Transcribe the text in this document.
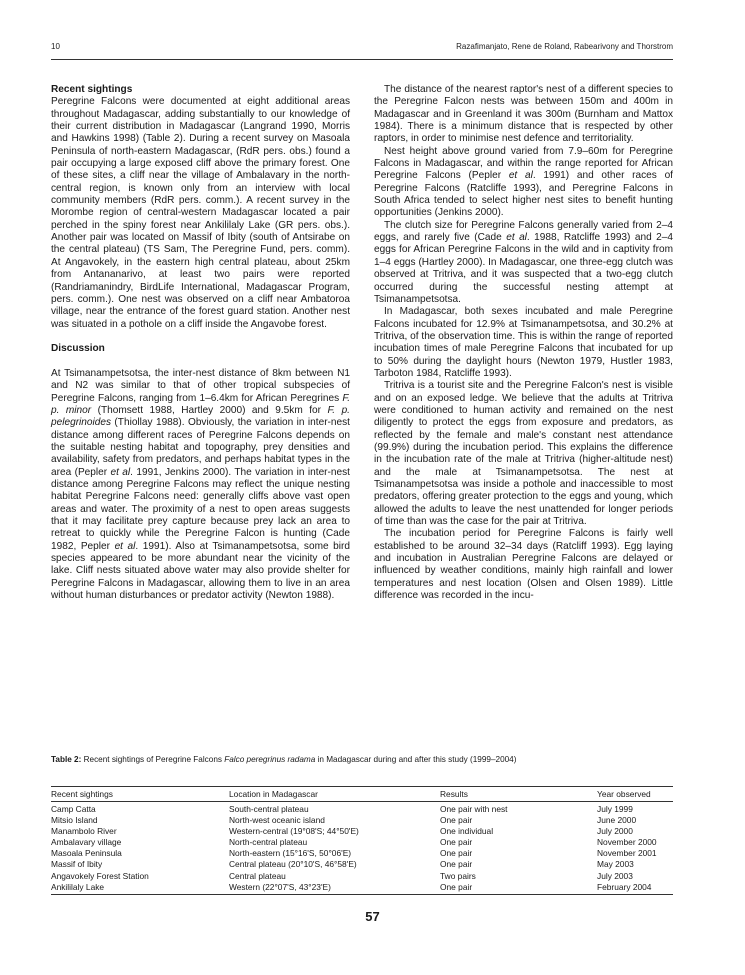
10	Razafimanjato, Rene de Roland, Rabearivony and Thorstrom
Recent sightings

Peregrine Falcons were documented at eight additional areas throughout Madagascar, adding substantially to our knowledge of their current distribution in Madagascar (Langrand 1990, Morris and Hawkins 1998) (Table 2). During a recent survey on Masoala Peninsula of north-eastern Madagascar, (RdR pers. obs.) found a pair occupying a large exposed cliff above the primary forest. One of these sites, a cliff near the village of Ambalavary in the north-central region, is known only from an interview with local community members (RdR pers. comm.). A recent survey in the Morombe region of central-western Madagascar located a pair perched in the spiny forest near Ankililaly Lake (GR pers. obs.). Another pair was located on Massif of Ibity (south of Antsirabe on the central plateau) (TS Sam, The Peregrine Fund, pers. comm). At Angavokely, in the eastern high central plateau, about 25km from Antananarivo, at least two pairs were reported (Randriamanindry, BirdLife International, Madagascar Program, pers. comm.). One nest was observed on a cliff near Ambatoroa village, near the entrance of the forest guard station. Another nest was situated in a pothole on a cliff inside the Angavobe forest.

Discussion

At Tsimanampetsotsa, the inter-nest distance of 8km between N1 and N2 was similar to that of other tropical subspecies of Peregrine Falcons, ranging from 1–6.4km for African Peregrines F. p. minor (Thomsett 1988, Hartley 2000) and 9.5km for F. p. pelegrinoides (Thiollay 1988). Obviously, the variation in inter-nest distance among different races of Peregrine Falcons depends on the suitable nesting habitat and topography, prey densities and availability, safety from predators, and perhaps habitat types in the area (Pepler et al. 1991, Jenkins 2000). The variation in inter-nest distance among Peregrine Falcons may reflect the unique nesting habitat Peregrine Falcons need: generally cliffs above vast open areas and water. The proximity of a nest to open areas suggests that it may facilitate prey capture because prey lack an area to retreat to quickly while the Peregrine Falcon is hunting (Cade 1982, Pepler et al. 1991). Also at Tsimanampetsotsa, some bird species appeared to be more abundant near the vicinity of the lake. Cliff nests situated above water may also provide shelter for Peregrine Falcons in Madagascar, allowing them to live in an area without human disturbances or predator activity (Newton 1988).

The distance of the nearest raptor's nest of a different species to the Peregrine Falcon nests was between 150m and 400m in Madagascar and in Greenland it was 300m (Burnham and Mattox 1984). There is a minimum distance that is respected by other raptors, in order to minimise nest defence and territoriality.

Nest height above ground varied from 7.9–60m for Peregrine Falcons in Madagascar, and within the range reported for African Peregrine Falcons (Pepler et al. 1991) and other races of Peregrine Falcons (Ratcliffe 1993), and Peregrine Falcons in South Africa tended to select higher nest sites to benefit hunting opportunities (Jenkins 2000).

The clutch size for Peregrine Falcons generally varied from 2–4 eggs, and rarely five (Cade et al. 1988, Ratcliffe 1993) and 2–4 eggs for African Peregrine Falcons in the wild and in captivity from 1–4 eggs (Hartley 2000). In Madagascar, one three-egg clutch was observed at Tritriva, and it was suspected that a two-egg clutch occurred during the successful nesting attempt at Tsimanampetsotsa.

In Madagascar, both sexes incubated and male Peregrine Falcons incubated for 12.9% at Tsimanampetsotsa, and 30.2% at Tritriva, of the observation time. This is within the range of reported incubation times of male Peregrine Falcons that incubated for up to 50% during the daylight hours (Newton 1979, Hustler 1983, Tarboton 1984, Ratcliffe 1993).

Tritriva is a tourist site and the Peregrine Falcon's nest is visible and on an exposed ledge. We believe that the adults at Tritriva were conditioned to human activity and remained on the nest diligently to protect the eggs from exposure and predators, as reflected by the female and male's constant nest attendance (99.9%) during the incubation period. This explains the difference in the incubation rate of the male at Tritriva (higher-altitude nest) and the male at Tsimanampetsotsa. The nest at Tsimanampetsotsa was inside a pothole and inaccessible to most predators, offering greater protection to the eggs and young, which allowed the adults to leave the nest unattended for longer periods of time than was the case for the pair at Tritriva.

The incubation period for Peregrine Falcons is fairly well established to be around 32–34 days (Ratcliff 1993). Egg laying and incubation in Australian Peregrine Falcons are delayed or influenced by weather conditions, mainly high rainfall and lower temperatures and nest location (Olsen and Olsen 1989). Little difference was recorded in the incu-

Table 2: Recent sightings of Peregrine Falcons Falco peregrinus radama in Madagascar during and after this study (1999–2004)
Recent sightings	Location in Madagascar	Results	Year observed
Camp Catta	South-central plateau	One pair with nest	July 1999
Mitsio Island	North-west oceanic island	One pair	June 2000
Manambolo River	Western-central (19°08'S; 44°50'E)	One individual	July 2000
Ambalavary village	North-central plateau	One pair	November 2000
Masoala Peninsula	North-eastern (15°16'S, 50°06'E)	One pair	November 2001
Massif of Ibity	Central plateau (20°10'S, 46°58'E)	One pair	May 2003
Angavokely Forest Station	Central plateau	Two pairs	July 2003
Ankililaly Lake	Western (22°07'S, 43°23'E)	One pair	February 2004
57
